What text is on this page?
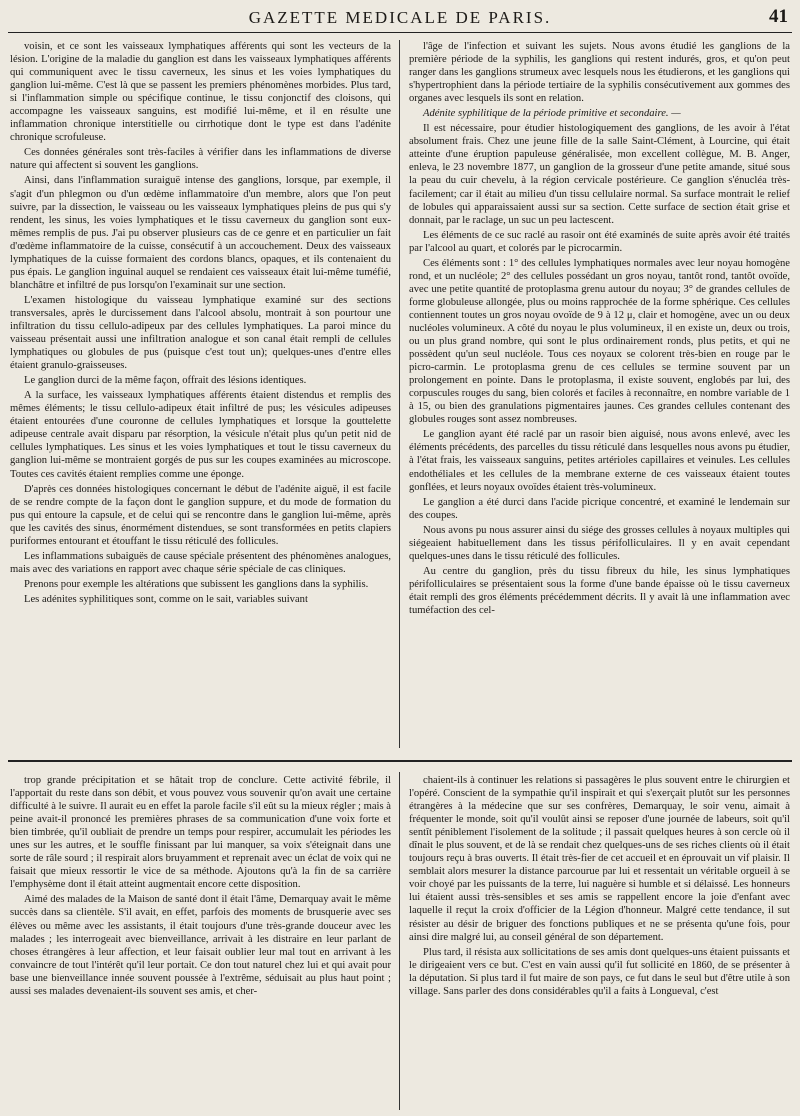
GAZETTE MEDICALE DE PARIS.	41

voisin, et ce sont les vaisseaux lymphatiques afférents qui sont les vecteurs de la lésion. L'origine de la maladie du ganglion est dans les vaisseaux lymphatiques afférents qui communiquent avec le tissu caverneux, les sinus et les voies lymphatiques du ganglion lui-même. C'est là que se passent les premiers phénomènes morbides. Plus tard, si l'inflammation simple ou spécifique continue, le tissu conjonctif des cloisons, qui accompagne les vaisseaux sanguins, est modifié lui-même, et il en résulte une inflammation chronique interstitielle ou cirrhotique dont le type est dans l'adénite chronique scrofuleuse.

Ces données générales sont très-faciles à vérifier dans les inflammations de diverse nature qui affectent si souvent les ganglions.

Ainsi, dans l'inflammation suraiguë intense des ganglions, lorsque, par exemple, il s'agit d'un phlegmon ou d'un œdème inflammatoire d'un membre, alors que l'on peut suivre, par la dissection, le vaisseau ou les vaisseaux lymphatiques pleins de pus qui s'y rendent, les sinus, les voies lymphatiques et le tissu caverneux du ganglion sont eux-mêmes remplis de pus. J'ai pu observer plusieurs cas de ce genre et en particulier un fait d'œdème inflammatoire de la cuisse, consécutif à un accouchement. Deux des vaisseaux lymphatiques de la cuisse formaient des cordons blancs, opaques, et ils contenaient du pus épais. Le ganglion inguinal auquel se rendaient ces vaisseaux était lui-même tuméfié, blanchâtre et infiltré de pus lorsqu'on l'examinait sur une section.

L'examen histologique du vaisseau lymphatique examiné sur des sections transversales, après le durcissement dans l'alcool absolu, montrait à son pourtour une infiltration du tissu cellulo-adipeux par des cellules lymphatiques. La paroi mince du vaisseau présentait aussi une infiltration analogue et son canal était rempli de cellules lymphatiques ou globules de pus (puisque c'est tout un); quelques-unes d'entre elles étaient granulo-graisseuses.

Le ganglion durci de la même façon, offrait des lésions identiques.

A la surface, les vaisseaux lymphatiques afférents étaient distendus et remplis des mêmes éléments; le tissu cellulo-adipeux était infiltré de pus; les vésicules adipeuses étaient entourées d'une couronne de cellules lymphatiques et lorsque la gouttelette adipeuse centrale avait disparu par résorption, la vésicule n'était plus qu'un petit nid de cellules lymphatiques. Les sinus et les voies lymphatiques et tout le tissu caverneux du ganglion lui-même se montraient gorgés de pus sur les coupes examinées au microscope. Toutes ces cavités étaient remplies comme une éponge.

D'après ces données histologiques concernant le début de l'adénite aiguë, il est facile de se rendre compte de la façon dont le ganglion suppure, et du mode de formation du pus qui entoure la capsule, et de celui qui se rencontre dans le ganglion lui-même, après que les cavités des sinus, énormément distendues, se sont transformées en petits clapiers puriformes entourant et étouffant le tissu réticulé des follicules.

Les inflammations subaiguës de cause spéciale présentent des phénomènes analogues, mais avec des variations en rapport avec chaque série spéciale de cas cliniques.

Prenons pour exemple les altérations que subissent les ganglions dans la syphilis.

Les adénites syphilitiques sont, comme on le sait, variables suivant

l'âge de l'infection et suivant les sujets. Nous avons étudié les ganglions de la première période de la syphilis, les ganglions qui restent indurés, gros, et qu'on peut ranger dans les ganglions strumeux avec lesquels nous les étudierons, et les ganglions qui s'hypertrophient dans la période tertiaire de la syphilis consécutivement aux gommes des organes avec lesquels ils sont en relation.

Adénite syphilitique de la période primitive et secondaire. —

Il est nécessaire, pour étudier histologiquement des ganglions, de les avoir à l'état absolument frais. Chez une jeune fille de la salle Saint-Clément, à Lourcine, qui était atteinte d'une éruption papuleuse généralisée, mon excellent collègue, M. B. Anger, enleva, le 23 novembre 1877, un ganglion de la grosseur d'une petite amande, situé sous la peau du cuir chevelu, à la région cervicale postérieure. Ce ganglion s'énucléa très-facilement; car il était au milieu d'un tissu cellulaire normal. Sa surface montrait le relief de lobules qui apparaissaient aussi sur sa section. Cette surface de section était grise et donnait, par le raclage, un suc un peu lactescent.

Les éléments de ce suc raclé au rasoir ont été examinés de suite après avoir été traités par l'alcool au quart, et colorés par le picrocarmin.

Ces éléments sont : 1° des cellules lymphatiques normales avec leur noyau homogène rond, et un nucléole; 2° des cellules possédant un gros noyau, tantôt rond, tantôt ovoïde, avec une petite quantité de protoplasma grenu autour du noyau; 3° de grandes cellules de forme globuleuse allongée, plus ou moins rapprochée de la forme sphérique. Ces cellules contiennent toutes un gros noyau ovoïde de 9 à 12 μ, clair et homogène, avec un ou deux nucléoles volumineux. A côté du noyau le plus volumineux, il en existe un, deux ou trois, ou un plus grand nombre, qui sont le plus ordinairement ronds, plus petits, et qui ne possèdent qu'un seul nucléole. Tous ces noyaux se colorent très-bien en rouge par le picro-carmin. Le protoplasma grenu de ces cellules se termine souvent par un prolongement en pointe. Dans le protoplasma, il existe souvent, englobés par lui, des corpuscules rouges du sang, bien colorés et faciles à reconnaître, en nombre variable de 1 à 15, ou bien des granulations pigmentaires jaunes. Ces grandes cellules contenant des globules rouges sont assez nombreuses.

Le ganglion ayant été raclé par un rasoir bien aiguisé, nous avons enlevé, avec les éléments précédents, des parcelles du tissu réticulé dans lesquelles nous avons pu étudier, à l'état frais, les vaisseaux sanguins, petites artérioles capillaires et veinules. Les cellules endothéliales et les cellules de la membrane externe de ces vaisseaux étaient toutes gonflées, et leurs noyaux ovoïdes étaient très-volumineux.

Le ganglion a été durci dans l'acide picrique concentré, et examiné le lendemain sur des coupes.

Nous avons pu nous assurer ainsi du siége des grosses cellules à noyaux multiples qui siégeaient habituellement dans les tissus périfolliculaires. Il y en avait cependant quelques-unes dans le tissu réticulé des follicules.

Au centre du ganglion, près du tissu fibreux du hile, les sinus lymphatiques périfolliculaires se présentaient sous la forme d'une bande épaisse où le tissu caverneux était rempli des gros éléments précédemment décrits. Il y avait là une inflammation avec tuméfaction des cel-

trop grande précipitation et se hâtait trop de conclure. Cette activité fébrile, il l'apportait du reste dans son débit, et vous pouvez vous souvenir qu'on avait une certaine difficulté à le suivre. Il aurait eu en effet la parole facile s'il eût su la mieux régler ; mais à peine avait-il prononcé les premières phrases de sa communication d'une voix forte et bien timbrée, qu'il oubliait de prendre un temps pour respirer, accumulait les périodes les unes sur les autres, et le souffle finissant par lui manquer, sa voix s'éteignait dans une sorte de râle sourd ; il respirait alors bruyamment et reprenait avec un éclat de voix qui ne faisait que mieux ressortir le vice de sa méthode. Ajoutons qu'à la fin de sa carrière l'emphysème dont il était atteint augmentait encore cette disposition.

Aimé des malades de la Maison de santé dont il était l'âme, Demarquay avait le même succès dans sa clientèle. S'il avait, en effet, parfois des moments de brusquerie avec ses élèves ou même avec les assistants, il était toujours d'une très-grande douceur avec les malades ; les interrogeait avec bienveillance, arrivait à les distraire en leur parlant de choses étrangères à leur affection, et leur faisait oublier leur mal tout en arrivant à les convaincre de tout l'intérêt qu'il leur portait. Ce don tout naturel chez lui et qui avait pour base une bienveillance innée souvent poussée à l'extrême, séduisait au plus haut point ; aussi ses malades devenaient-ils souvent ses amis, et cher-

chaient-ils à continuer les relations si passagères le plus souvent entre le chirurgien et l'opéré. Conscient de la sympathie qu'il inspirait et qui s'exerçait plutôt sur les personnes étrangères à la médecine que sur ses confrères, Demarquay, le soir venu, aimait à fréquenter le monde, soit qu'il voulût ainsi se reposer d'une journée de labeurs, soit qu'il sentît péniblement l'isolement de la solitude ; il passait quelques heures à son cercle où il dînait le plus souvent, et de là se rendait chez quelques-uns de ses riches clients où il était toujours reçu à bras ouverts. Il était très-fier de cet accueil et en éprouvait un vif plaisir. Il semblait alors mesurer la distance parcourue par lui et ressentait un véritable orgueil à se voir choyé par les puissants de la terre, lui naguère si humble et si délaissé. Les honneurs lui étaient aussi très-sensibles et ses amis se rappellent encore la joie d'enfant avec laquelle il reçut la croix d'officier de la Légion d'honneur. Malgré cette tendance, il sut résister au désir de briguer des fonctions publiques et ne se présenta qu'une fois, pour ainsi dire malgré lui, au conseil général de son département.

Plus tard, il résista aux sollicitations de ses amis dont quelques-uns étaient puissants et le dirigeaient vers ce but. C'est en vain aussi qu'il fut sollicité en 1860, de se présenter à la députation. Si plus tard il fut maire de son pays, ce fut dans le seul but d'être utile à son village. Sans parler des dons considérables qu'il a faits à Longueval, c'est
